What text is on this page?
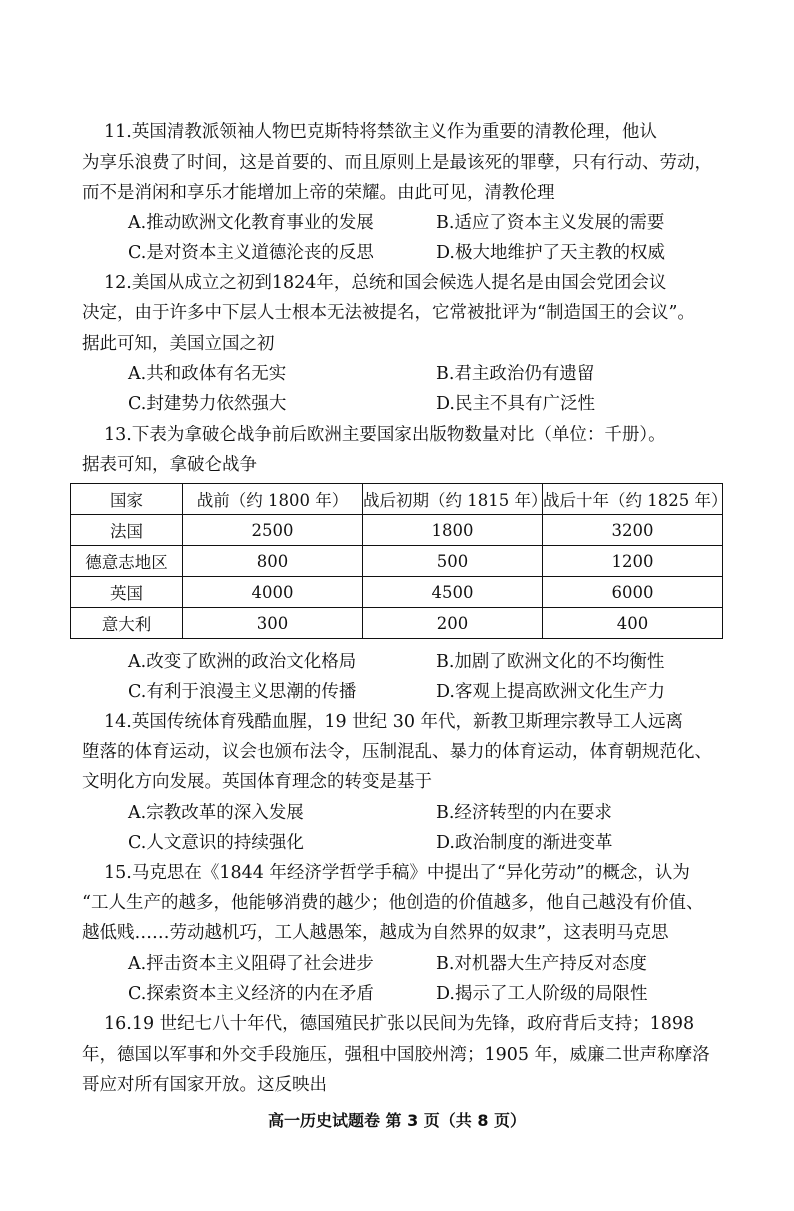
11.英国清教派领袖人物巴克斯特将禁欲主义作为重要的清教伦理，他认
为享乐浪费了时间，这是首要的、而且原则上是最该死的罪孽，只有行动、劳动，
而不是消闲和享乐才能增加上帝的荣耀。由此可见，清教伦理
A.推动欧洲文化教育事业的发展	B.适应了资本主义发展的需要
C.是对资本主义道德沦丧的反思	D.极大地维护了天主教的权威
12.美国从成立之初到1824年，总统和国会候选人提名是由国会党团会议
决定，由于许多中下层人士根本无法被提名，它常被批评为“制造国王的会议”。
据此可知，美国立国之初
A.共和政体有名无实	B.君主政治仍有遗留
C.封建势力依然强大	D.民主不具有广泛性
13.下表为拿破仑战争前后欧洲主要国家出版物数量对比（单位：千册）。
据表可知，拿破仑战争
国家	战前（约 1800 年）	战后初期（约 1815 年）	战后十年（约 1825 年）
法国	2500	1800	3200
德意志地区	800	500	1200
英国	4000	4500	6000
意大利	300	200	400
A.改变了欧洲的政治文化格局	B.加剧了欧洲文化的不均衡性
C.有利于浪漫主义思潮的传播	D.客观上提高欧洲文化生产力
14.英国传统体育残酷血腥，19 世纪 30 年代，新教卫斯理宗教导工人远离
堕落的体育运动，议会也颁布法令，压制混乱、暴力的体育运动，体育朝规范化、
文明化方向发展。英国体育理念的转变是基于
A.宗教改革的深入发展	B.经济转型的内在要求
C.人文意识的持续强化	D.政治制度的渐进变革
15.马克思在《1844 年经济学哲学手稿》中提出了“异化劳动”的概念，认为
“工人生产的越多，他能够消费的越少；他创造的价值越多，他自己越没有价值、
越低贱……劳动越机巧，工人越愚笨，越成为自然界的奴隶”，这表明马克思
A.抨击资本主义阻碍了社会进步	B.对机器大生产持反对态度
C.探索资本主义经济的内在矛盾	D.揭示了工人阶级的局限性
16.19 世纪七八十年代，德国殖民扩张以民间为先锋，政府背后支持；1898
年，德国以军事和外交手段施压，强租中国胶州湾；1905 年，威廉二世声称摩洛
哥应对所有国家开放。这反映出
高一历史试题卷 第 3 页（共 8 页）
